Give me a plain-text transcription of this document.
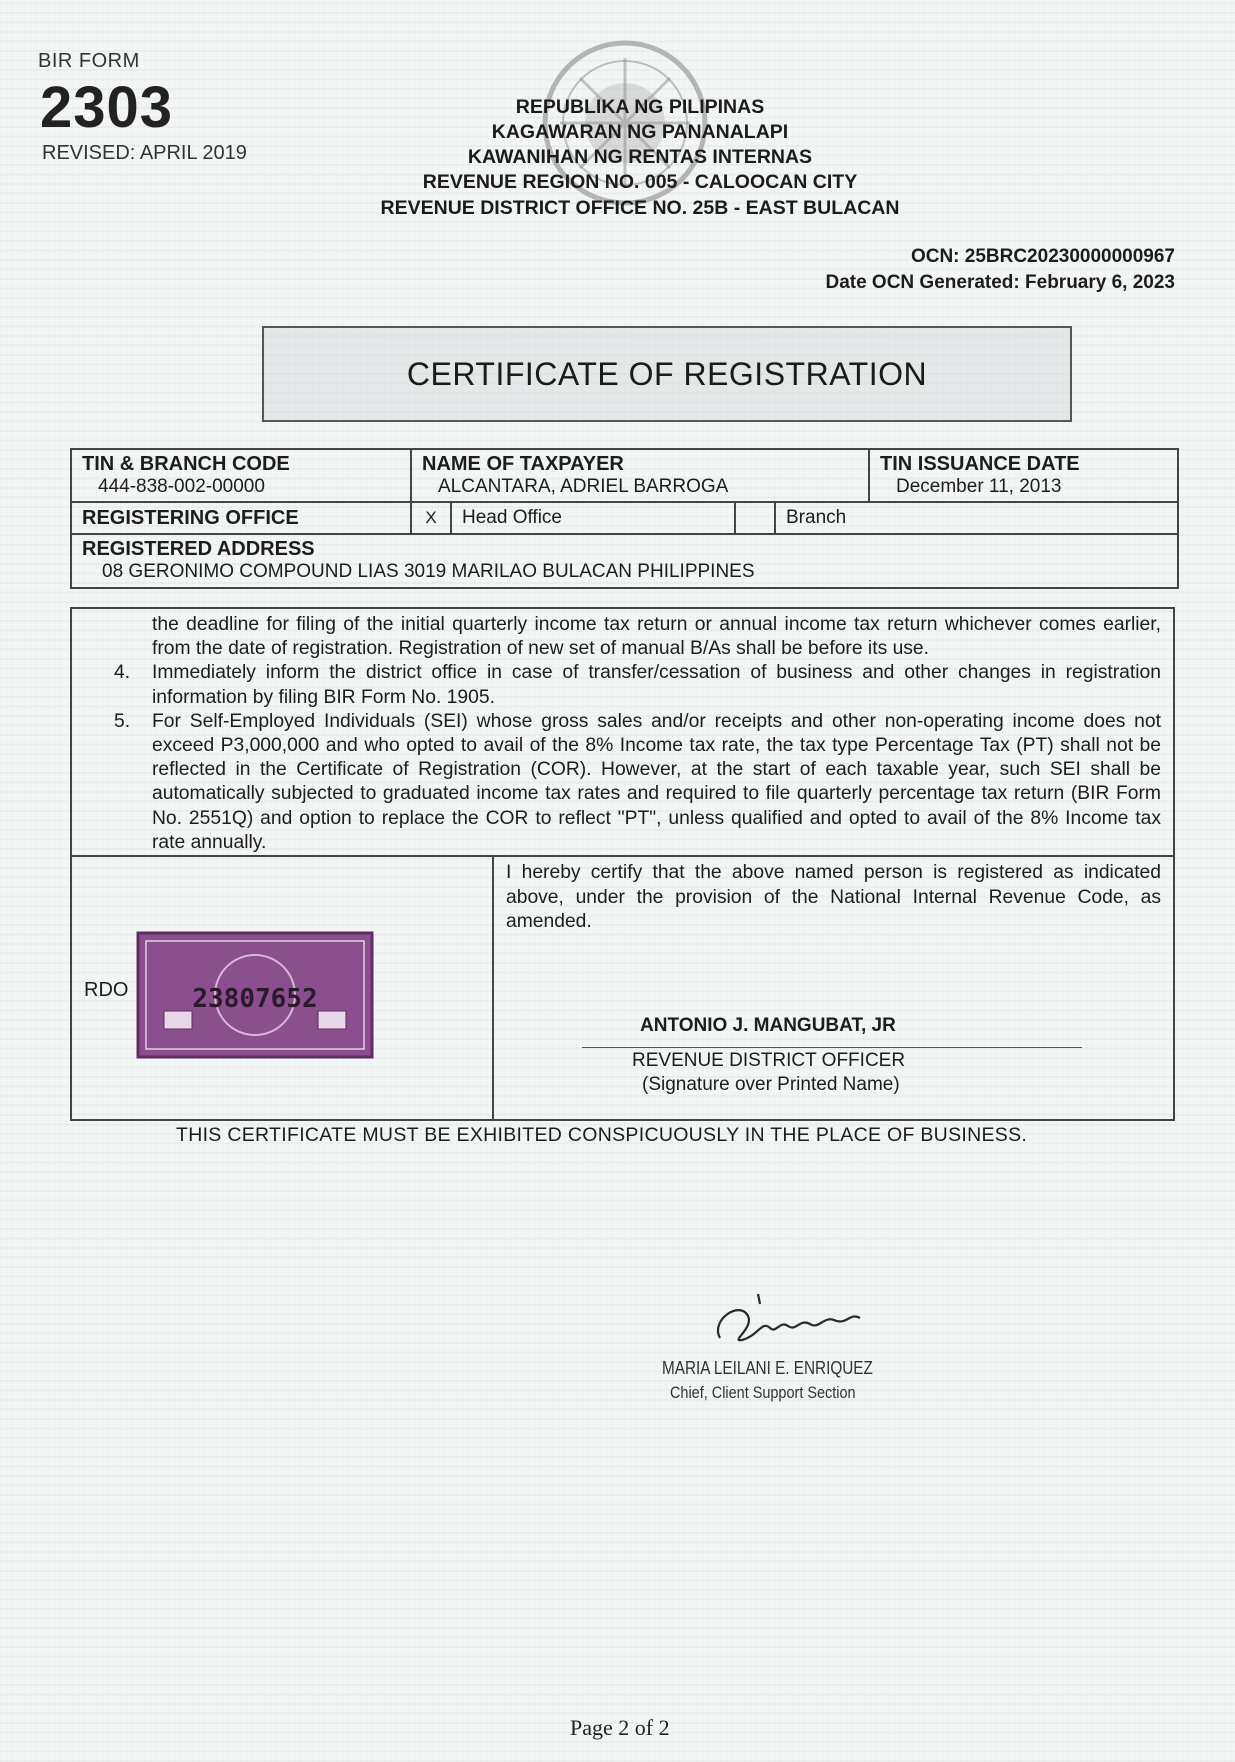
BIR FORM
2303
REVISED: APRIL 2019
REPUBLIKA NG PILIPINAS
KAGAWARAN NG PANANALAPI
KAWANIHAN NG RENTAS INTERNAS
REVENUE REGION NO. 005 - CALOOCAN CITY
REVENUE DISTRICT OFFICE NO. 25B - EAST BULACAN
OCN: 25BRC20230000000967
Date OCN Generated: February 6, 2023
CERTIFICATE OF REGISTRATION
TIN & BRANCH CODE
444-838-002-00000
NAME OF TAXPAYER
ALCANTARA, ADRIEL BARROGA
TIN ISSUANCE DATE
December 11, 2013
REGISTERING OFFICE	X	Head Office	Branch
REGISTERED ADDRESS
08 GERONIMO COMPOUND LIAS 3019 MARILAO BULACAN PHILIPPINES
the deadline for filing of the initial quarterly income tax return or annual income tax return whichever comes earlier, from the date of registration. Registration of new set of manual B/As shall be before its use.
4. Immediately inform the district office in case of transfer/cessation of business and other changes in registration information by filing BIR Form No. 1905.
5. For Self-Employed Individuals (SEI) whose gross sales and/or receipts and other non-operating income does not exceed P3,000,000 and who opted to avail of the 8% Income tax rate, the tax type Percentage Tax (PT) shall not be reflected in the Certificate of Registration (COR). However, at the start of each taxable year, such SEI shall be automatically subjected to graduated income tax rates and required to file quarterly percentage tax return (BIR Form No. 2551Q) and option to replace the COR to reflect "PT", unless qualified and opted to avail of the 8% Income tax rate annually.
RDO 23807652
I hereby certify that the above named person is registered as indicated above, under the provision of the National Internal Revenue Code, as amended.
ANTONIO J. MANGUBAT, JR
REVENUE DISTRICT OFFICER
(Signature over Printed Name)
THIS CERTIFICATE MUST BE EXHIBITED CONSPICUOUSLY IN THE PLACE OF BUSINESS.
MARIA LEILANI E. ENRIQUEZ
Chief, Client Support Section
Page 2 of 2
